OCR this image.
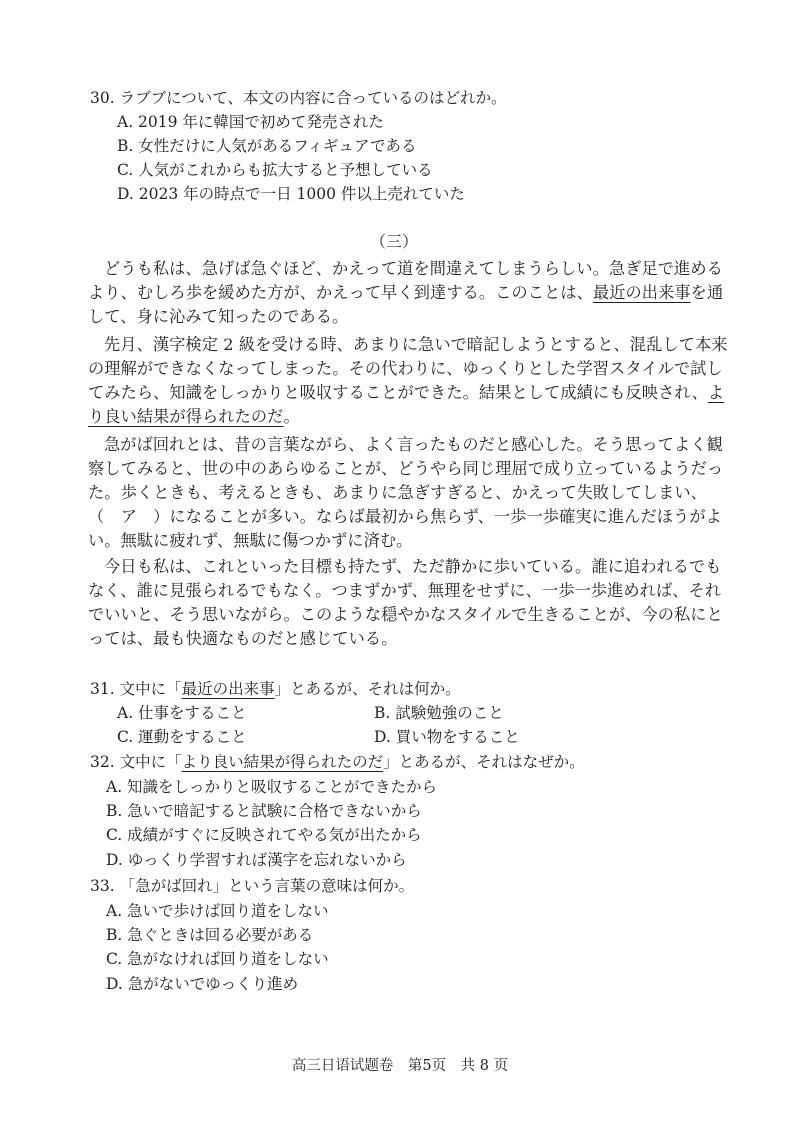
30. ラブブについて、本文の内容に合っているのはどれか。
A. 2019 年に韓国で初めて発売された
B. 女性だけに人気があるフィギュアである
C. 人気がこれからも拡大すると予想している
D. 2023 年の時点で一日 1000 件以上売れていた
（三）
どうも私は、急げば急ぐほど、かえって道を間違えてしまうらしい。急ぎ足で進める
より、むしろ歩を緩めた方が、かえって早く到達する。このことは、最近の出来事を通
して、身に沁みて知ったのである。
先月、漢字検定 2 級を受ける時、あまりに急いで暗記しようとすると、混乱して本来
の理解ができなくなってしまった。その代わりに、ゆっくりとした学習スタイルで試し
てみたら、知識をしっかりと吸収することができた。結果として成績にも反映され、よ
り良い結果が得られたのだ。
急がば回れとは、昔の言葉ながら、よく言ったものだと感心した。そう思ってよく観
察してみると、世の中のあらゆることが、どうやら同じ理屈で成り立っているようだっ
た。歩くときも、考えるときも、あまりに急ぎすぎると、かえって失敗してしまい、
（　ア　）になることが多い。ならば最初から焦らず、一歩一歩確実に進んだほうがよ
い。無駄に疲れず、無駄に傷つかずに済む。
今日も私は、これといった目標も持たず、ただ静かに歩いている。誰に追われるでも
なく、誰に見張られるでもなく。つまずかず、無理をせずに、一歩一歩進めれば、それ
でいいと、そう思いながら。このような穏やかなスタイルで生きることが、今の私にと
っては、最も快適なものだと感じている。
31. 文中に「最近の出来事」とあるが、それは何か。
A. 仕事をすること	B. 試験勉強のこと
C. 運動をすること	D. 買い物をすること
32. 文中に「より良い結果が得られたのだ」とあるが、それはなぜか。
A. 知識をしっかりと吸収することができたから
B. 急いで暗記すると試験に合格できないから
C. 成績がすぐに反映されてやる気が出たから
D. ゆっくり学習すれば漢字を忘れないから
33. 「急がば回れ」という言葉の意味は何か。
A. 急いで歩けば回り道をしない
B. 急ぐときは回る必要がある
C. 急がなければ回り道をしない
D. 急がないでゆっくり進め
高三日语试题卷　第5页　共 8 页
